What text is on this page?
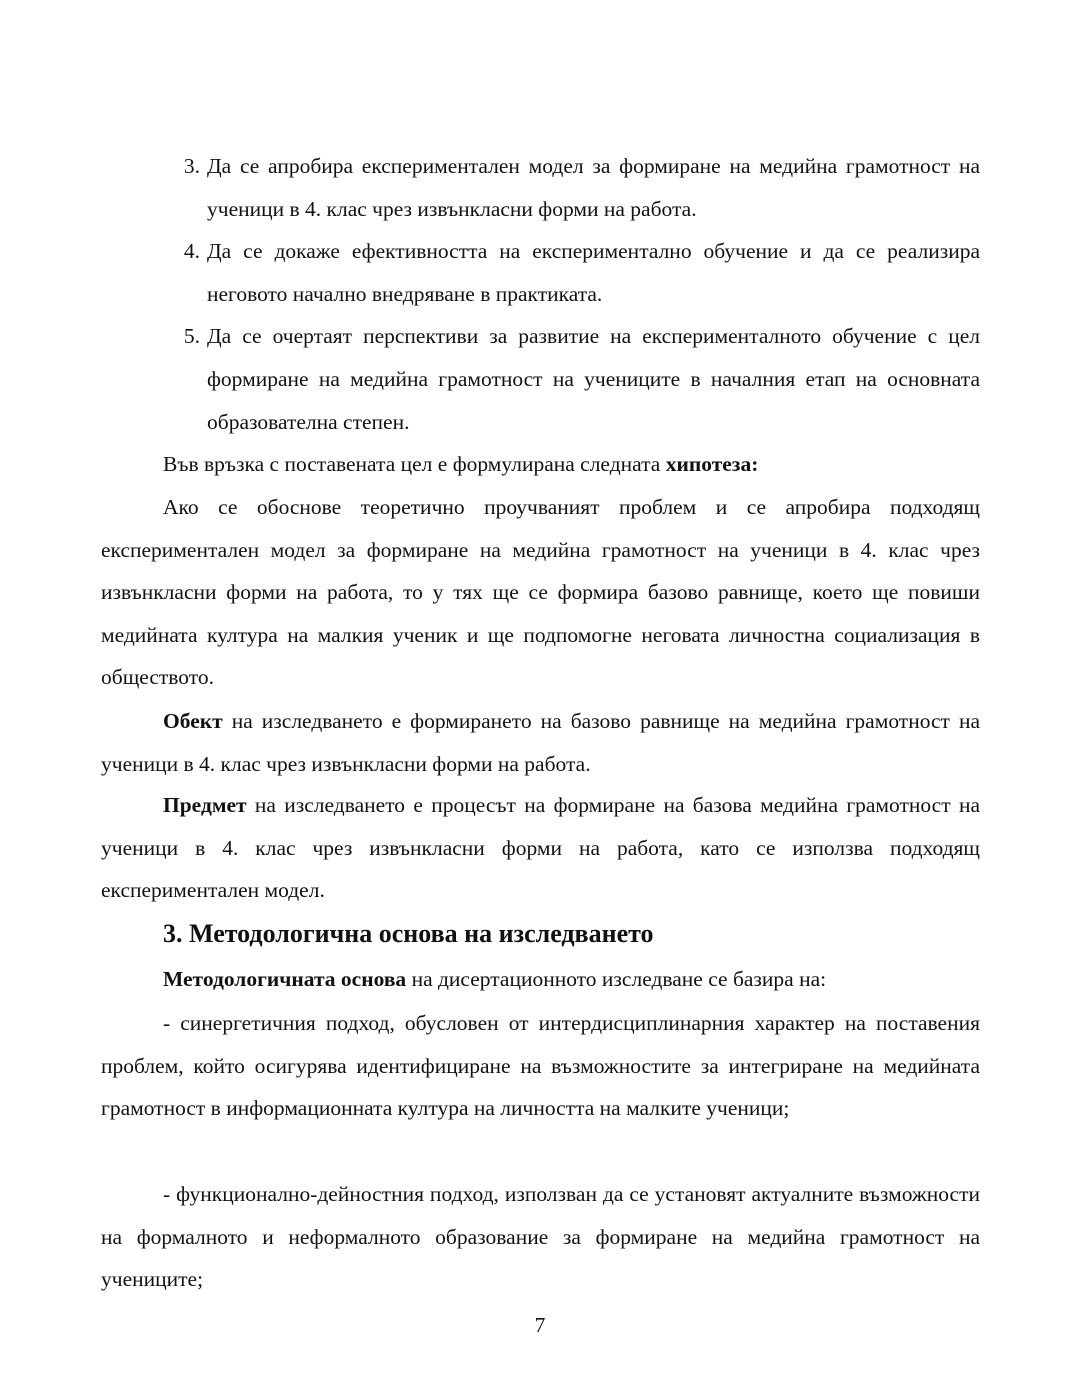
3. Да се апробира експериментален модел за формиране на медийна грамотност на ученици в 4. клас чрез извънкласни форми на работа.
4. Да се докаже ефективността на експериментално обучение и да се реализира неговото начално внедряване в практиката.
5. Да се очертаят перспективи за развитие на експерименталното обучение с цел формиране на медийна грамотност на учениците в началния етап на основната образователна степен.

Във връзка с поставената цел е формулирана следната хипотеза:

Ако се обоснове теоретично проучваният проблем и се апробира подходящ експериментален модел за формиране на медийна грамотност на ученици в 4. клас чрез извънкласни форми на работа, то у тях ще се формира базово равнище, което ще повиши медийната култура на малкия ученик и ще подпомогне неговата личностна социализация в обществото.

Обект на изследването е формирането на базово равнище на медийна грамотност на ученици в 4. клас чрез извънкласни форми на работа.

Предмет на изследването е процесът на формиране на базова медийна грамотност на ученици в 4. клас чрез извънкласни форми на работа, като се използва подходящ експериментален модел.

3. Методологична основа на изследването

Методологичната основа на дисертационното изследване се базира на:

- синергетичния подход, обусловен от интердисциплинарния характер на поставения проблем, който осигурява идентифициране на възможностите за интегриране на медийната грамотност в информационната култура на личността на малките ученици;

- функционално-дейностния подход, използван да се установят актуалните възможности на формалното и неформалното образование за формиране на медийна грамотност на учениците;

7
